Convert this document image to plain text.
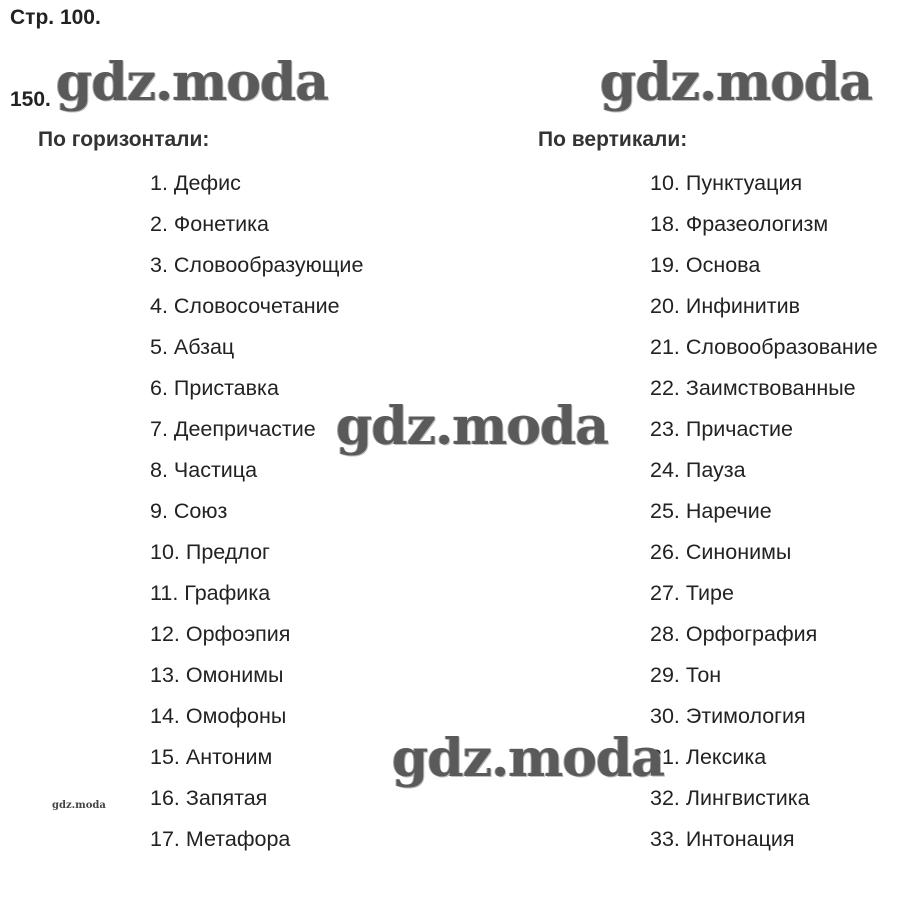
Стр. 100.
150.
По горизонтали:	По вертикали:
1. Дефис
2. Фонетика
3. Словообразующие
4. Словосочетание
5. Абзац
6. Приставка
7. Деепричастие
8. Частица
9. Союз
10. Предлог
11. Графика
12. Орфоэпия
13. Омонимы
14. Омофоны
15. Антоним
16. Запятая
17. Метафора
10. Пунктуация
18. Фразеологизм
19. Основа
20. Инфинитив
21. Словообразование
22. Заимствованные
23. Причастие
24. Пауза
25. Наречие
26. Синонимы
27. Тире
28. Орфография
29. Тон
30. Этимология
31. Лексика
32. Лингвистика
33. Интонация
gdz.moda	gdz.moda
gdz.moda
gdz.moda
gdz.moda
